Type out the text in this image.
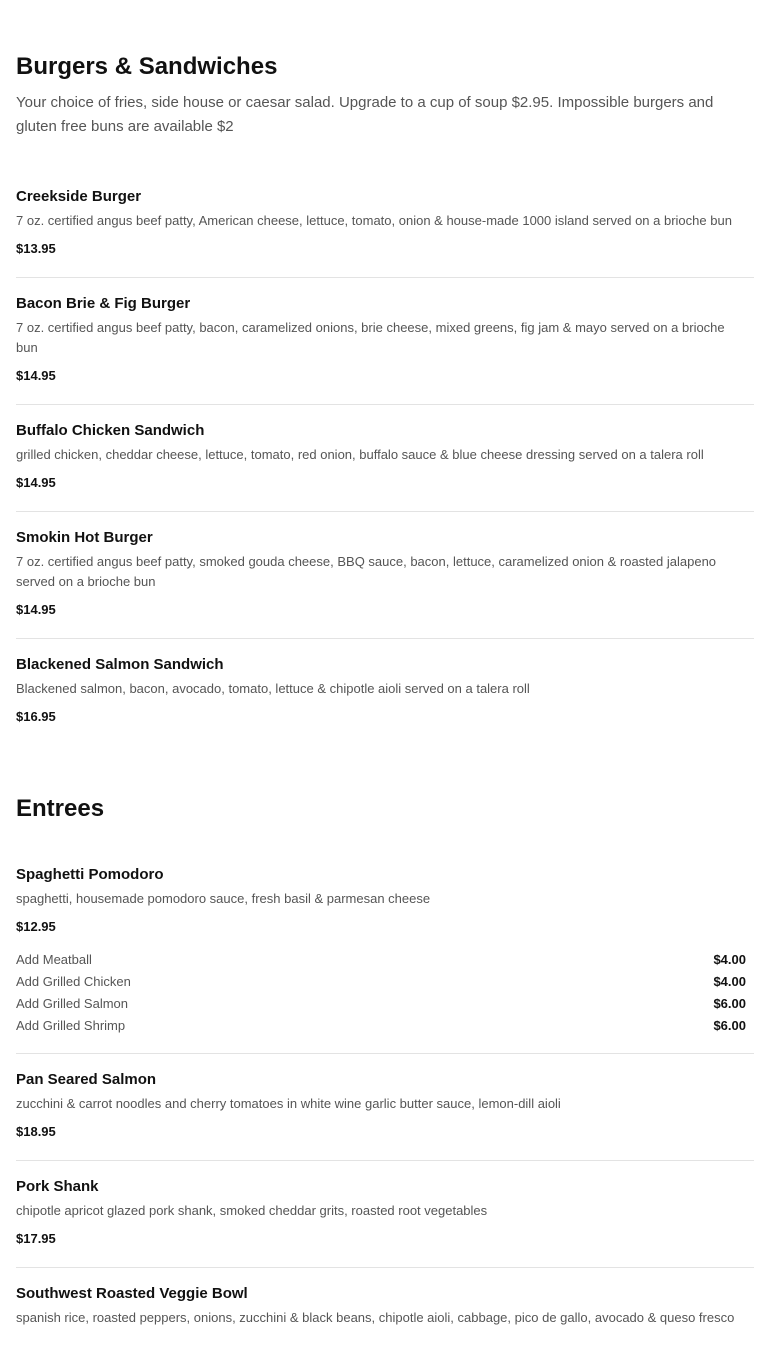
Burgers & Sandwiches

Your choice of fries, side house or caesar salad. Upgrade to a cup of soup $2.95. Impossible burgers and gluten free buns are available $2

Creekside Burger

7 oz. certified angus beef patty, American cheese, lettuce, tomato, onion & house-made 1000 island served on a brioche bun

$13.95

Bacon Brie & Fig Burger

7 oz. certified angus beef patty, bacon, caramelized onions, brie cheese, mixed greens, fig jam & mayo served on a brioche bun

$14.95

Buffalo Chicken Sandwich

grilled chicken, cheddar cheese, lettuce, tomato, red onion, buffalo sauce & blue cheese dressing served on a talera roll

$14.95

Smokin Hot Burger

7 oz. certified angus beef patty, smoked gouda cheese, BBQ sauce, bacon, lettuce, caramelized onion & roasted jalapeno served on a brioche bun

$14.95

Blackened Salmon Sandwich

Blackened salmon, bacon, avocado, tomato, lettuce & chipotle aioli served on a talera roll

$16.95

Entrees

Spaghetti Pomodoro

spaghetti, housemade pomodoro sauce, fresh basil & parmesan cheese

$12.95

Add Meatball	$4.00
Add Grilled Chicken	$4.00
Add Grilled Salmon	$6.00
Add Grilled Shrimp	$6.00

Pan Seared Salmon

zucchini & carrot noodles and cherry tomatoes in white wine garlic butter sauce, lemon-dill aioli

$18.95

Pork Shank

chipotle apricot glazed pork shank, smoked cheddar grits, roasted root vegetables

$17.95

Southwest Roasted Veggie Bowl

spanish rice, roasted peppers, onions, zucchini & black beans, chipotle aioli, cabbage, pico de gallo, avocado & queso fresco
